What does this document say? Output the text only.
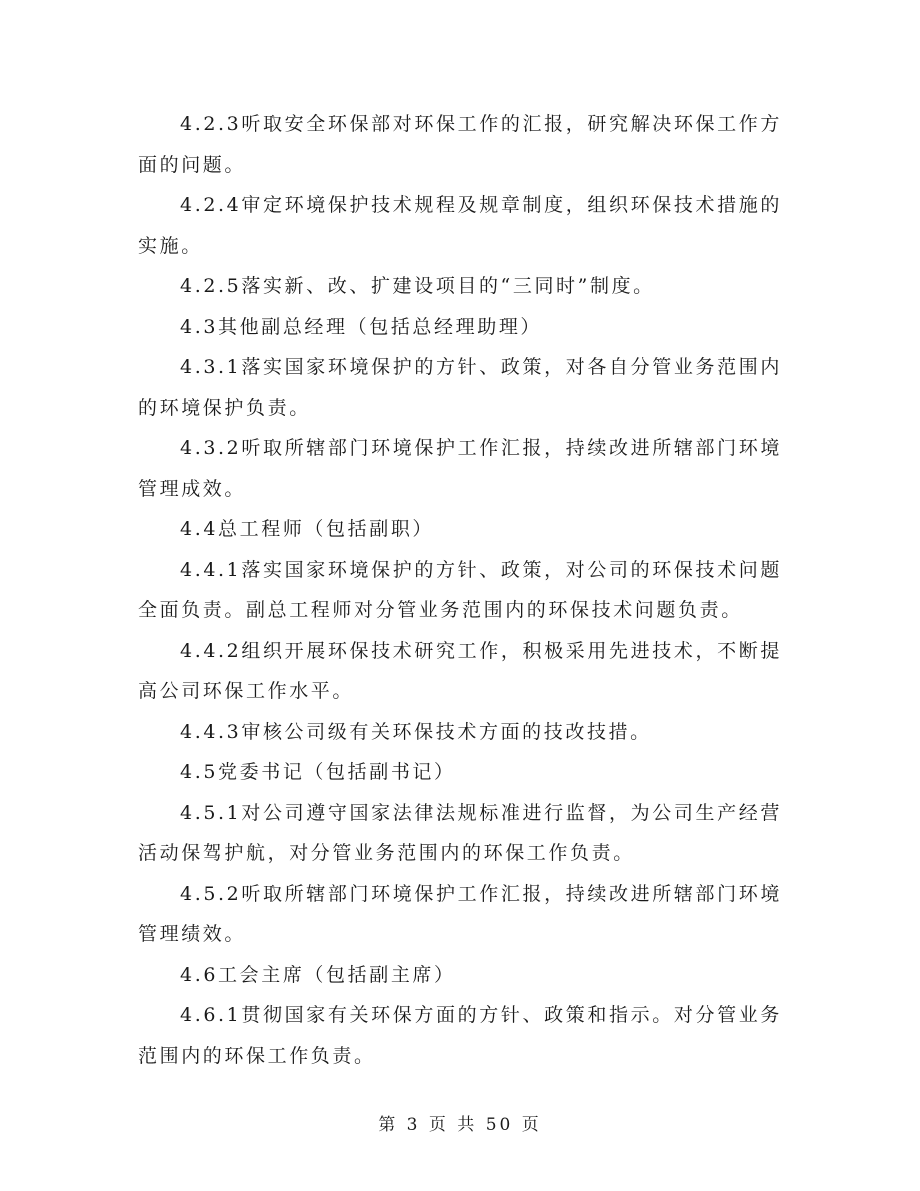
4.2.3听取安全环保部对环保工作的汇报，研究解决环保工作方面的问题。

4.2.4审定环境保护技术规程及规章制度，组织环保技术措施的实施。

4.2.5落实新、改、扩建设项目的“三同时”制度。

4.3其他副总经理（包括总经理助理）

4.3.1落实国家环境保护的方针、政策，对各自分管业务范围内的环境保护负责。

4.3.2听取所辖部门环境保护工作汇报，持续改进所辖部门环境管理成效。

4.4总工程师（包括副职）

4.4.1落实国家环境保护的方针、政策，对公司的环保技术问题全面负责。副总工程师对分管业务范围内的环保技术问题负责。

4.4.2组织开展环保技术研究工作，积极采用先进技术，不断提高公司环保工作水平。

4.4.3审核公司级有关环保技术方面的技改技措。

4.5党委书记（包括副书记）

4.5.1对公司遵守国家法律法规标准进行监督，为公司生产经营活动保驾护航，对分管业务范围内的环保工作负责。

4.5.2听取所辖部门环境保护工作汇报，持续改进所辖部门环境管理绩效。

4.6工会主席（包括副主席）

4.6.1贯彻国家有关环保方面的方针、政策和指示。对分管业务范围内的环保工作负责。

第 3 页 共 50 页
